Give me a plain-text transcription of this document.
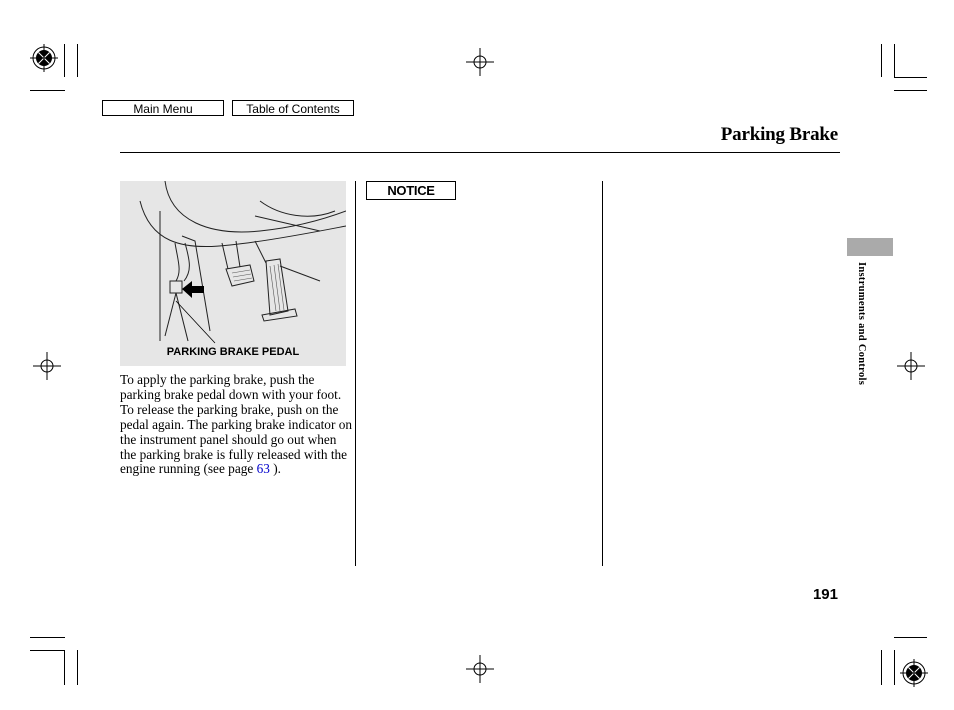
Main Menu	Table of Contents
Parking Brake
PARKING BRAKE PEDAL
To apply the parking brake, push the parking brake pedal down with your foot. To release the parking brake, push on the pedal again. The parking brake indicator on the instrument panel should go out when the parking brake is fully released with the engine running (see page 63 ).
NOTICE
Instruments and Controls
191
